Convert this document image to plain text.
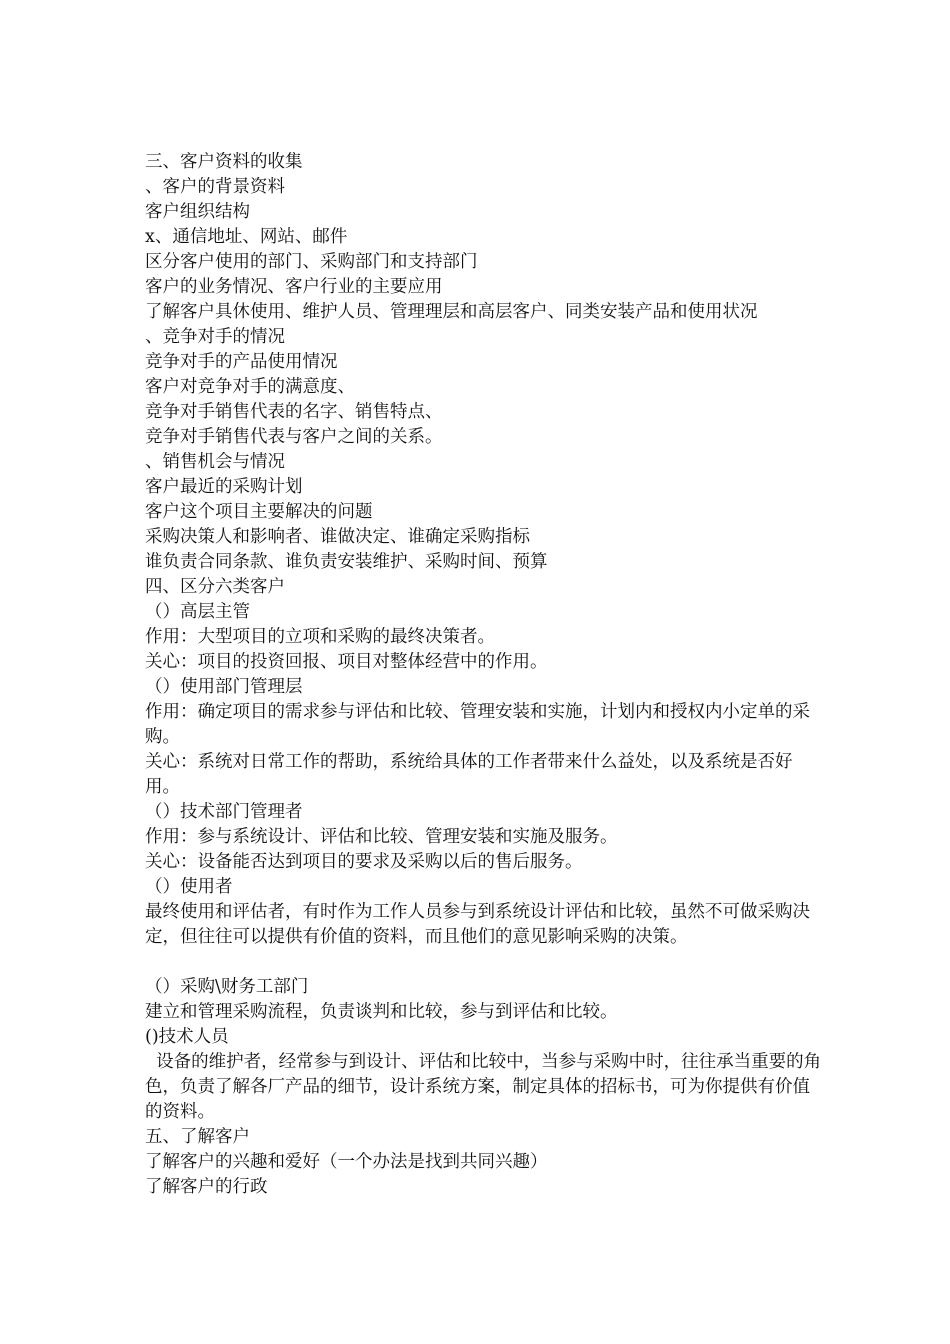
三、客户资料的收集

、客户的背景资料

客户组织结构

x、通信地址、网站、邮件

区分客户使用的部门、采购部门和支持部门

客户的业务情况、客户行业的主要应用

了解客户具休使用、维护人员、管理理层和高层客户、同类安装产品和使用状况

、竞争对手的情况

竞争对手的产品使用情况

客户对竞争对手的满意度、

竞争对手销售代表的名字、销售特点、

竞争对手销售代表与客户之间的关系。

、销售机会与情况

客户最近的采购计划

客户这个项目主要解决的问题

采购决策人和影响者、谁做决定、谁确定采购指标

谁负责合同条款、谁负责安装维护、采购时间、预算

四、区分六类客户

（）高层主管

作用：大型项目的立项和采购的最终决策者。

关心：项目的投资回报、项目对整体经营中的作用。

（）使用部门管理层

作用：确定项目的需求参与评估和比较、管理安装和实施，计划内和授权内小定单的采购。

关心：系统对日常工作的帮助，系统给具体的工作者带来什么益处，以及系统是否好用。

（）技术部门管理者

作用：参与系统设计、评估和比较、管理安装和实施及服务。

关心：设备能否达到项目的要求及采购以后的售后服务。

（）使用者

最终使用和评估者，有时作为工作人员参与到系统设计评估和比较，虽然不可做采购决定，但往往可以提供有价值的资料，而且他们的意见影响采购的决策。

（）采购\财务工部门

建立和管理采购流程，负责谈判和比较，参与到评估和比较。

()技术人员

设备的维护者，经常参与到设计、评估和比较中，当参与采购中时，往往承当重要的角色，负责了解各厂产品的细节，设计系统方案，制定具体的招标书，可为你提供有价值的资料。

五、了解客户

了解客户的兴趣和爱好（一个办法是找到共同兴趣）

了解客户的行政
